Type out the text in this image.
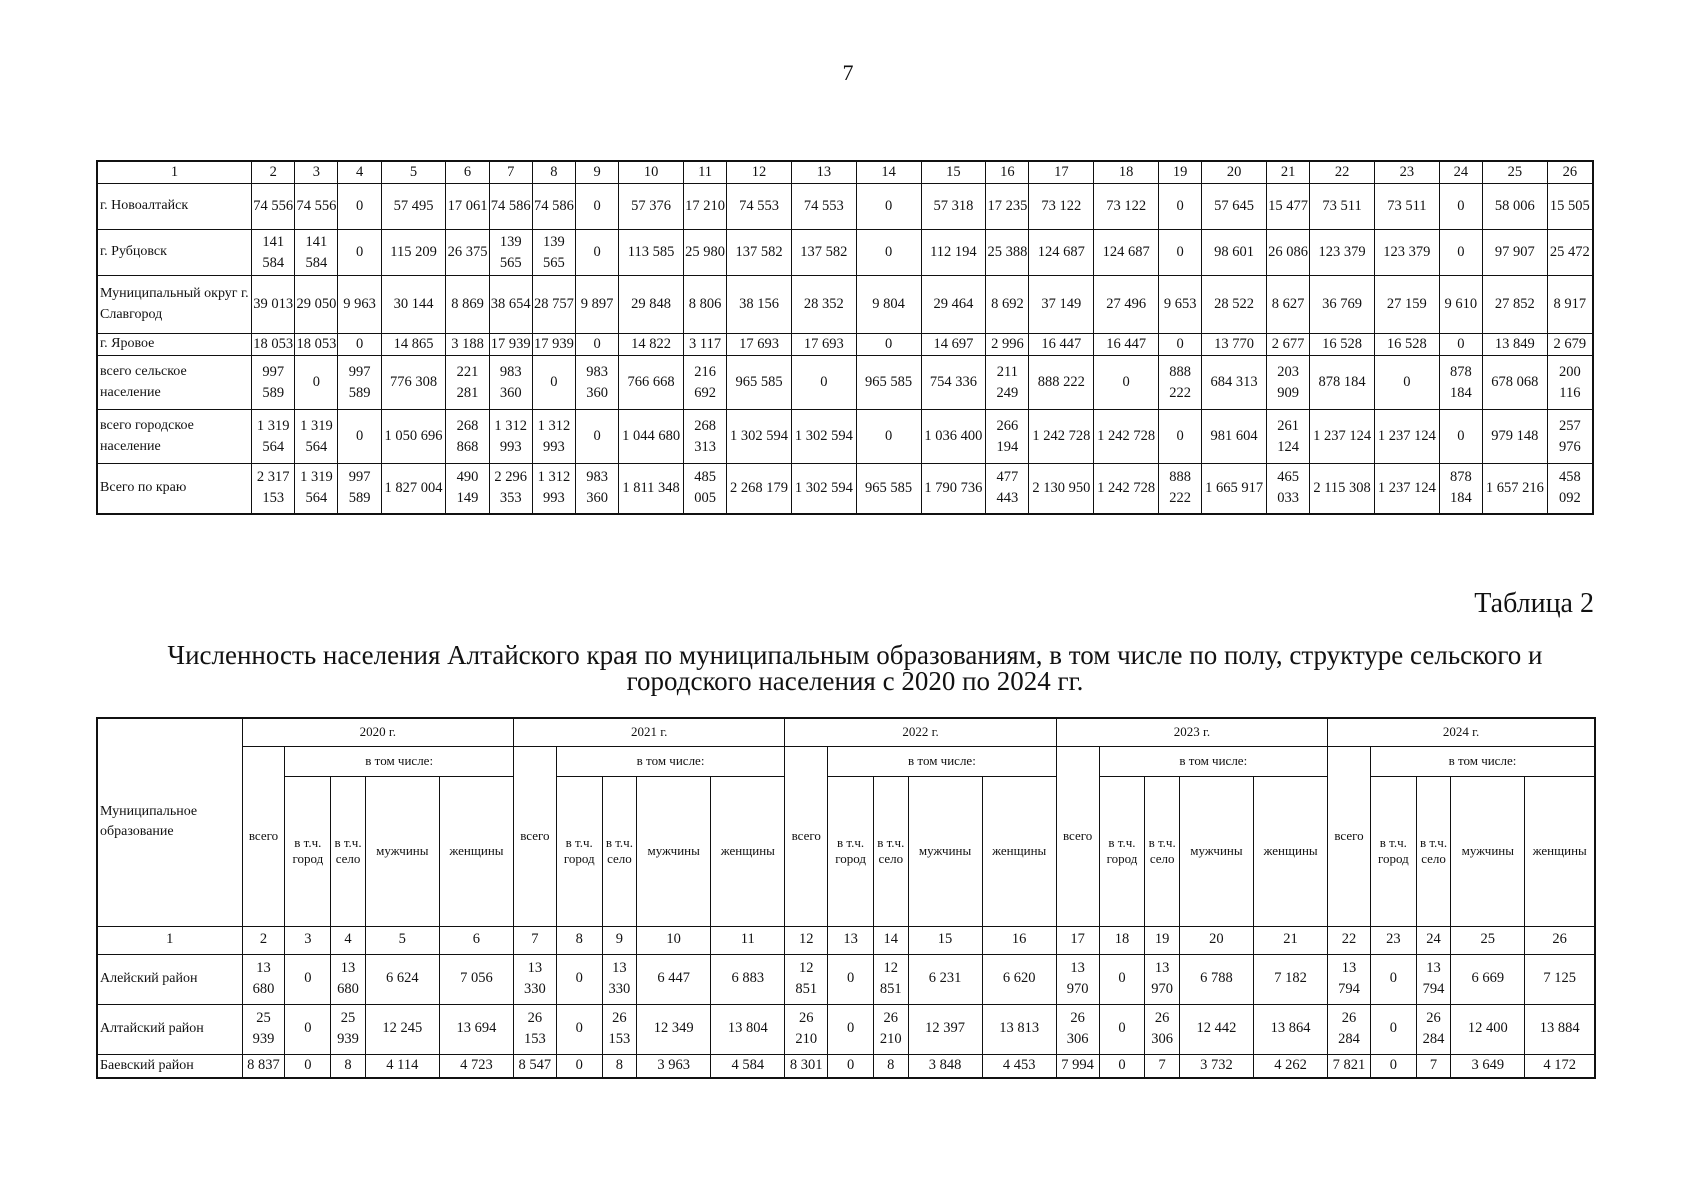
7
1	2	3	4	5	6	7	8	9	10	11	12	13	14	15	16	17	18	19	20	21	22	23	24	25	26
г. Новоалтайск	74 556	74 556	0	57 495	17 061	74 586	74 586	0	57 376	17 210	74 553	74 553	0	57 318	17 235	73 122	73 122	0	57 645	15 477	73 511	73 511	0	58 006	15 505
г. Рубцовск	141 584	141 584	0	115 209	26 375	139 565	139 565	0	113 585	25 980	137 582	137 582	0	112 194	25 388	124 687	124 687	0	98 601	26 086	123 379	123 379	0	97 907	25 472
Муниципальный округ г. Славгород	39 013	29 050	9 963	30 144	8 869	38 654	28 757	9 897	29 848	8 806	38 156	28 352	9 804	29 464	8 692	37 149	27 496	9 653	28 522	8 627	36 769	27 159	9 610	27 852	8 917
г. Яровое	18 053	18 053	0	14 865	3 188	17 939	17 939	0	14 822	3 117	17 693	17 693	0	14 697	2 996	16 447	16 447	0	13 770	2 677	16 528	16 528	0	13 849	2 679
всего сельское население	997 589	0	997 589	776 308	221 281	983 360	0	983 360	766 668	216 692	965 585	0	965 585	754 336	211 249	888 222	0	888 222	684 313	203 909	878 184	0	878 184	678 068	200 116
всего городское население	1 319 564	1 319 564	0	1 050 696	268 868	1 312 993	1 312 993	0	1 044 680	268 313	1 302 594	1 302 594	0	1 036 400	266 194	1 242 728	1 242 728	0	981 604	261 124	1 237 124	1 237 124	0	979 148	257 976
Всего по краю	2 317 153	1 319 564	997 589	1 827 004	490 149	2 296 353	1 312 993	983 360	1 811 348	485 005	2 268 179	1 302 594	965 585	1 790 736	477 443	2 130 950	1 242 728	888 222	1 665 917	465 033	2 115 308	1 237 124	878 184	1 657 216	458 092
Таблица 2
Численность населения Алтайского края по муниципальным образованиям, в том числе по полу, структуре сельского и городского населения с 2020 по 2024 гг.
Муниципальное образование	2020 г.					2021 г.					2022 г.					2023 г.					2024 г.				
	всего	в том числе:				всего	в том числе:				всего	в том числе:				всего	в том числе:				всего	в том числе:			
		в т.ч. город	в т.ч. село	мужчины	женщины		в т.ч. город	в т.ч. село	мужчины	женщины		в т.ч. город	в т.ч. село	мужчины	женщины		в т.ч. город	в т.ч. село	мужчины	женщины		в т.ч. город	в т.ч. село	мужчины	женщины
1	2	3	4	5	6	7	8	9	10	11	12	13	14	15	16	17	18	19	20	21	22	23	24	25	26
Алейский район	13 680	0	13 680	6 624	7 056	13 330	0	13 330	6 447	6 883	12 851	0	12 851	6 231	6 620	13 970	0	13 970	6 788	7 182	13 794	0	13 794	6 669	7 125
Алтайский район	25 939	0	25 939	12 245	13 694	26 153	0	26 153	12 349	13 804	26 210	0	26 210	12 397	13 813	26 306	0	26 306	12 442	13 864	26 284	0	26 284	12 400	13 884
Баевский район	8 837	0	8	4 114	4 723	8 547	0	8	3 963	4 584	8 301	0	8	3 848	4 453	7 994	0	7	3 732	4 262	7 821	0	7	3 649	4 172
